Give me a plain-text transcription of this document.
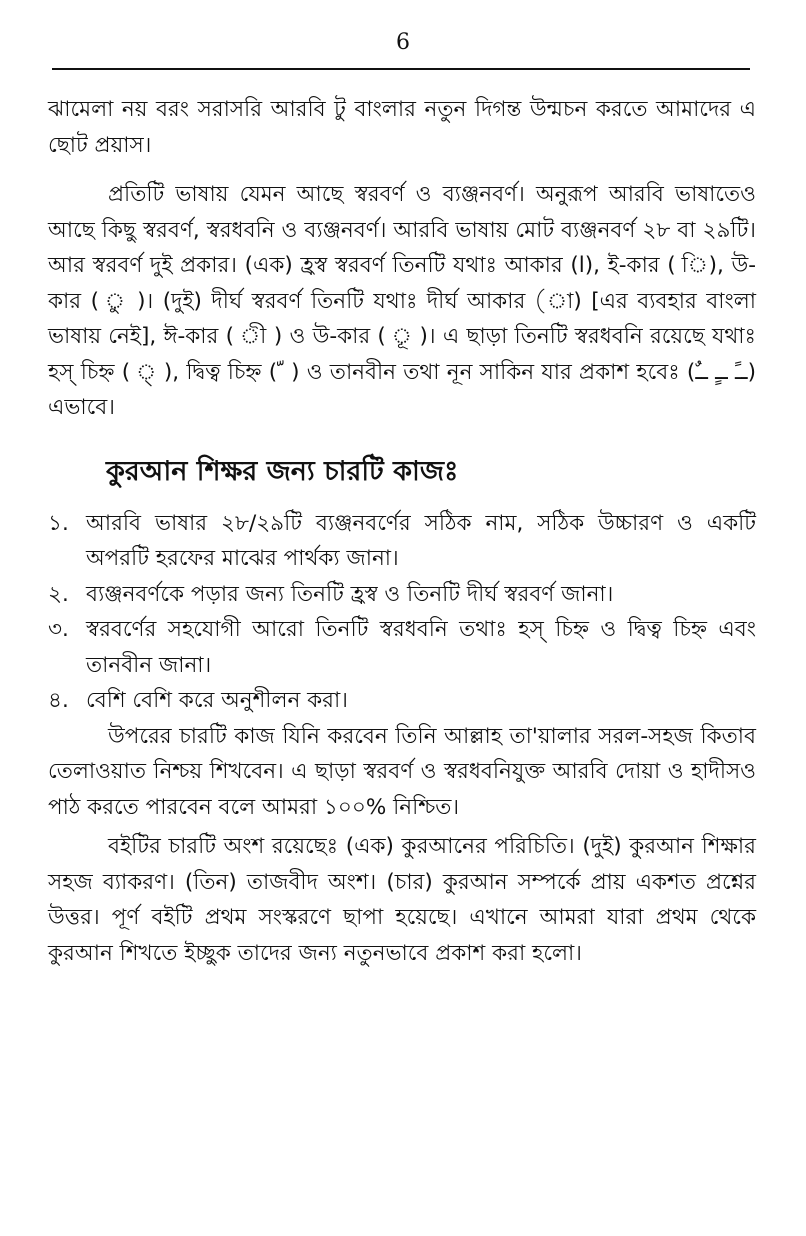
6

ঝামেলা নয় বরং সরাসরি আরবি টু বাংলার নতুন দিগন্ত উন্মচন করতে আমাদের এ ছোট প্রয়াস।

প্রতিটি ভাষায় যেমন আছে স্বরবর্ণ ও ব্যঞ্জনবর্ণ। অনুরূপ আরবি ভাষাতেও আছে কিছু স্বরবর্ণ, স্বরধবনি ও ব্যঞ্জনবর্ণ। আরবি ভাষায় মোট ব্যঞ্জনবর্ণ ২৮ বা ২৯টি। আর স্বরবর্ণ দুই প্রকার। (এক) হ্রস্ব স্বরবর্ণ তিনটি যথাঃ আকার (ا), ই-কার ( ি), উ-কার ( ু )। (দুই) দীর্ঘ স্বরবর্ণ তিনটি যথাঃ দীর্ঘ আকার (া) [এর ব্যবহার বাংলা ভাষায় নেই], ঈ-কার ( ী ) ও উ-কার ( ূ )। এ ছাড়া তিনটি স্বরধবনি রয়েছে যথাঃ হস্‌ চিহ্ন ( ্ ), দ্বিত্ব চিহ্ন ( ّ ) ও তানবীন তথা নূন সাকিন যার প্রকাশ হবেঃ (ــً ــٍ ــٌ) এভাবে।

কুরআন শিক্ষর জন্য চারটি কাজঃ
১. আরবি ভাষার ২৮/২৯টি ব্যঞ্জনবর্ণের সঠিক নাম, সঠিক উচ্চারণ ও একটি অপরটি হরফের মাঝের পার্থক্য জানা।
২. ব্যঞ্জনবর্ণকে পড়ার জন্য তিনটি হ্রস্ব ও তিনটি দীর্ঘ স্বরবর্ণ জানা।
৩. স্বরবর্ণের সহযোগী আরো তিনটি স্বরধবনি তথাঃ হস্‌ চিহ্ন ও দ্বিত্ব চিহ্ন এবং তানবীন জানা।
৪. বেশি বেশি করে অনুশীলন করা।

উপরের চারটি কাজ যিনি করবেন তিনি আল্লাহ তা'য়ালার সরল-সহজ কিতাব তেলাওয়াত নিশ্চয় শিখবেন। এ ছাড়া স্বরবর্ণ ও স্বরধবনিযুক্ত আরবি দোয়া ও হাদীসও পাঠ করতে পারবেন বলে আমরা ১০০% নিশ্চিত।

বইটির চারটি অংশ রয়েছেঃ (এক) কুরআনের পরিচিতি। (দুই) কুরআন শিক্ষার সহজ ব্যাকরণ। (তিন) তাজবীদ অংশ। (চার) কুরআন সম্পর্কে প্রায় একশত প্রশ্নের উত্তর। পূর্ণ বইটি প্রথম সংস্করণে ছাপা হয়েছে। এখানে আমরা যারা প্রথম থেকে কুরআন শিখতে ইচ্ছুক তাদের জন্য নতুনভাবে প্রকাশ করা হলো।
